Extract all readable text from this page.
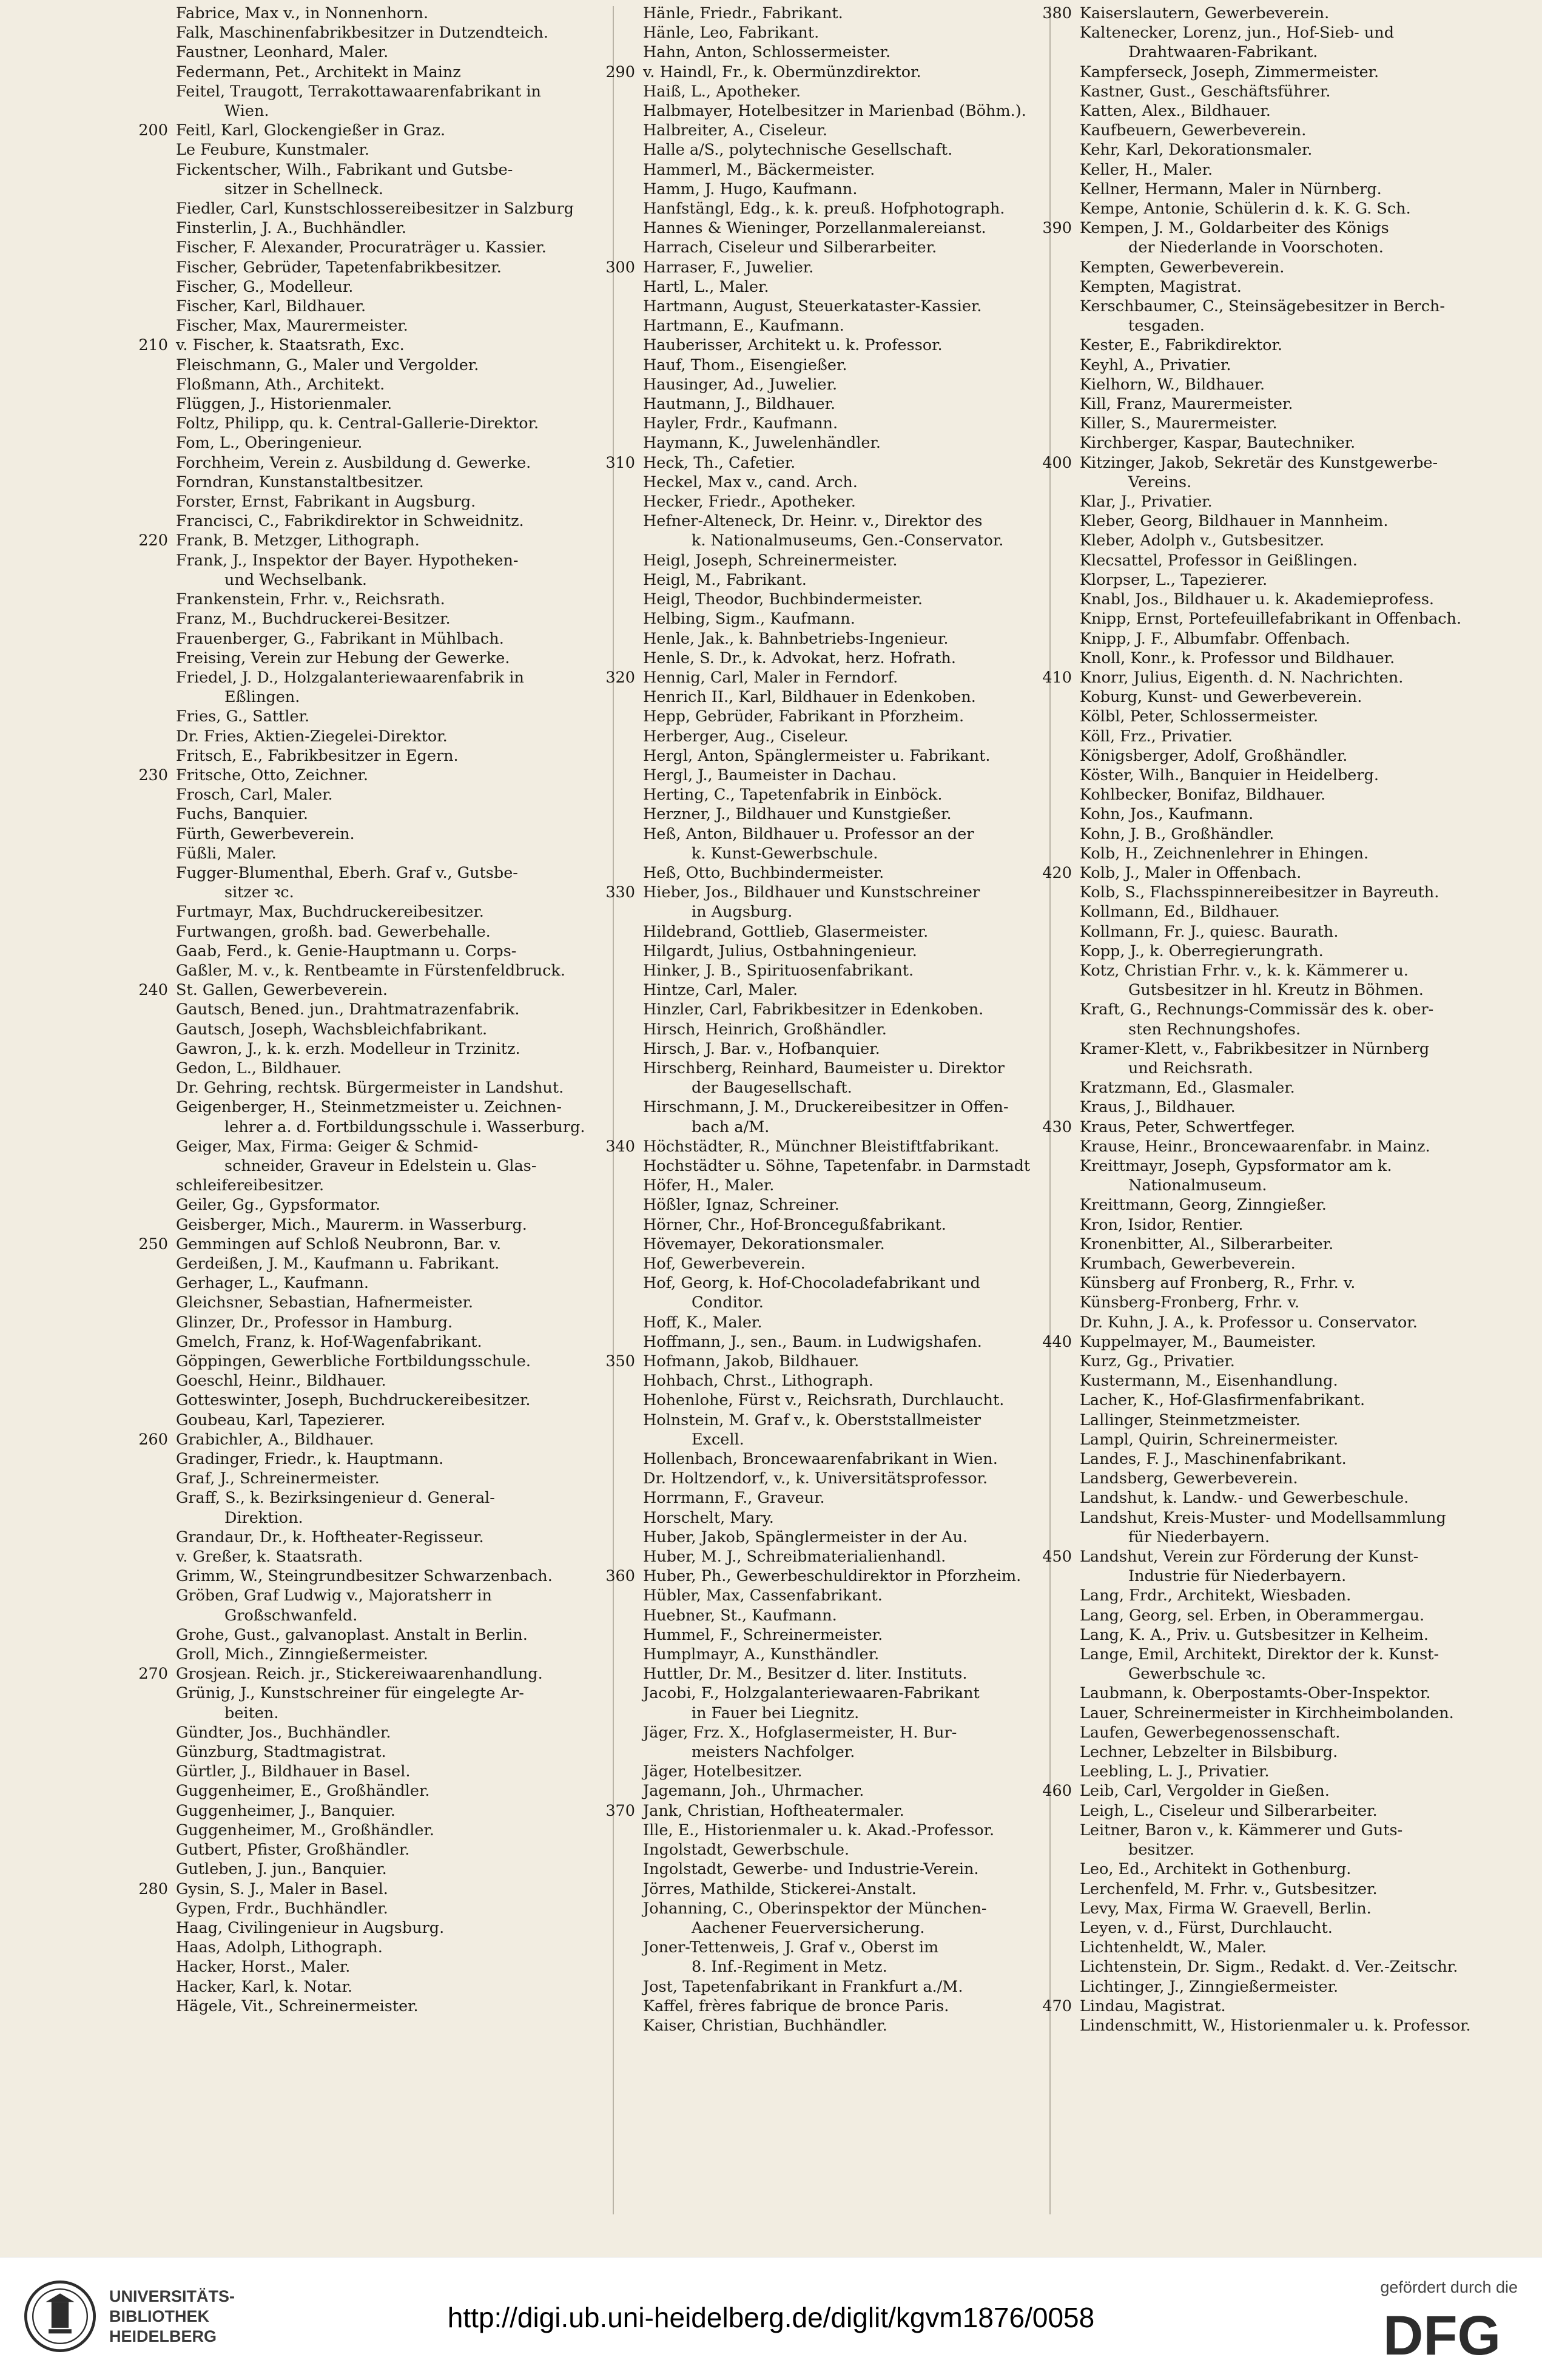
Fabrice, Max v., in Nonnenhorn.
Falk, Maschinenfabrikbesitzer in Dutzendteich.
Faustner, Leonhard, Maler.
Federmann, Pet., Architekt in Mainz
Feitel, Traugott, Terrakottawaarenfabrikant in
Wien.
200 Feitl, Karl, Glockengießer in Graz.
Le Feubure, Kunstmaler.
Fickentscher, Wilh., Fabrikant und Gutsbe-
sitzer in Schellneck.
Fiedler, Carl, Kunstschlossereibesitzer in Salzburg
Finsterlin, J. A., Buchhändler.
Fischer, F. Alexander, Procuraträger u. Kassier.
Fischer, Gebrüder, Tapetenfabrikbesitzer.
Fischer, G., Modelleur.
Fischer, Karl, Bildhauer.
Fischer, Max, Maurermeister.
210 v. Fischer, k. Staatsrath, Exc.
Fleischmann, G., Maler und Vergolder.
Floßmann, Ath., Architekt.
Flüggen, J., Historienmaler.
Foltz, Philipp, qu. k. Central-Gallerie-Direktor.
Fom, L., Oberingenieur.
Forchheim, Verein z. Ausbildung d. Gewerke.
Forndran, Kunstanstaltbesitzer.
Forster, Ernst, Fabrikant in Augsburg.
Francisci, C., Fabrikdirektor in Schweidnitz.
220 Frank, B. Metzger, Lithograph.
Frank, J., Inspektor der Bayer. Hypotheken-
und Wechselbank.
Frankenstein, Frhr. v., Reichsrath.
Franz, M., Buchdruckerei-Besitzer.
Frauenberger, G., Fabrikant in Mühlbach.
Freising, Verein zur Hebung der Gewerke.
Friedel, J. D., Holzgalanteriewaarenfabrik in
Eßlingen.
Fries, G., Sattler.
Dr. Fries, Aktien-Ziegelei-Direktor.
Fritsch, E., Fabrikbesitzer in Egern.
230 Fritsche, Otto, Zeichner.
Frosch, Carl, Maler.
Fuchs, Banquier.
Fürth, Gewerbeverein.
Füßli, Maler.
Fugger-Blumenthal, Eberh. Graf v., Gutsbe-
sitzer ꝛc.
Furtmayr, Max, Buchdruckereibesitzer.
Furtwangen, großh. bad. Gewerbehalle.
Gaab, Ferd., k. Genie-Hauptmann u. Corps-
Gaßler, M. v., k. Rentbeamte in Fürstenfeldbruck.
240 St. Gallen, Gewerbeverein.
Gautsch, Bened. jun., Drahtmatrazenfabrik.
Gautsch, Joseph, Wachsbleichfabrikant.
Gawron, J., k. k. erzh. Modelleur in Trzinitz.
Gedon, L., Bildhauer.
Dr. Gehring, rechtsk. Bürgermeister in Landshut.
Geigenberger, H., Steinmetzmeister u. Zeichnen-
lehrer a. d. Fortbildungsschule i. Wasserburg.
Geiger, Max, Firma: Geiger & Schmid-
schneider, Graveur in Edelstein u. Glas-
schleifereibesitzer.
Geiler, Gg., Gypsformator.
Geisberger, Mich., Maurerm. in Wasserburg.
250 Gemmingen auf Schloß Neubronn, Bar. v.
Gerdeißen, J. M., Kaufmann u. Fabrikant.
Gerhager, L., Kaufmann.
Gleichsner, Sebastian, Hafnermeister.
Glinzer, Dr., Professor in Hamburg.
Gmelch, Franz, k. Hof-Wagenfabrikant.
Göppingen, Gewerbliche Fortbildungsschule.
Goeschl, Heinr., Bildhauer.
Gotteswinter, Joseph, Buchdruckereibesitzer.
Goubeau, Karl, Tapezierer.
260 Grabichler, A., Bildhauer.
Gradinger, Friedr., k. Hauptmann.
Graf, J., Schreinermeister.
Graff, S., k. Bezirksingenieur d. General-
Direktion.
Grandaur, Dr., k. Hoftheater-Regisseur.
v. Greßer, k. Staatsrath.
Grimm, W., Steingrundbesitzer Schwarzenbach.
Gröben, Graf Ludwig v., Majoratsherr in
Großschwanfeld.
Grohe, Gust., galvanoplast. Anstalt in Berlin.
Groll, Mich., Zinngießermeister.
270 Grosjean. Reich. jr., Stickereiwaarenhandlung.
Grünig, J., Kunstschreiner für eingelegte Ar-
beiten.
Gündter, Jos., Buchhändler.
Günzburg, Stadtmagistrat.
Gürtler, J., Bildhauer in Basel.
Guggenheimer, E., Großhändler.
Guggenheimer, J., Banquier.
Guggenheimer, M., Großhändler.
Gutbert, Pfister, Großhändler.
Gutleben, J. jun., Banquier.
280 Gysin, S. J., Maler in Basel.
Gypen, Frdr., Buchhändler.
Haag, Civilingenieur in Augsburg.
Haas, Adolph, Lithograph.
Hacker, Horst., Maler.
Hacker, Karl, k. Notar.
Hägele, Vit., Schreinermeister.
Hänle, Friedr., Fabrikant.
Hänle, Leo, Fabrikant.
Hahn, Anton, Schlossermeister.
290 v. Haindl, Fr., k. Obermünzdirektor.
Haiß, L., Apotheker.
Halbmayer, Hotelbesitzer in Marienbad (Böhm.).
Halbreiter, A., Ciseleur.
Halle a/S., polytechnische Gesellschaft.
Hammerl, M., Bäckermeister.
Hamm, J. Hugo, Kaufmann.
Hanfstängl, Edg., k. k. preuß. Hofphotograph.
Hannes & Wieninger, Porzellanmalereianst.
Harrach, Ciseleur und Silberarbeiter.
300 Harraser, F., Juwelier.
Hartl, L., Maler.
Hartmann, August, Steuerkataster-Kassier.
Hartmann, E., Kaufmann.
Hauberisser, Architekt u. k. Professor.
Hauf, Thom., Eisengießer.
Hausinger, Ad., Juwelier.
Hautmann, J., Bildhauer.
Hayler, Frdr., Kaufmann.
Haymann, K., Juwelenhändler.
310 Heck, Th., Cafetier.
Heckel, Max v., cand. Arch.
Hecker, Friedr., Apotheker.
Hefner-Alteneck, Dr. Heinr. v., Direktor des
k. Nationalmuseums, Gen.-Conservator.
Heigl, Joseph, Schreinermeister.
Heigl, M., Fabrikant.
Heigl, Theodor, Buchbindermeister.
Helbing, Sigm., Kaufmann.
Henle, Jak., k. Bahnbetriebs-Ingenieur.
Henle, S. Dr., k. Advokat, herz. Hofrath.
320 Hennig, Carl, Maler in Ferndorf.
Henrich II., Karl, Bildhauer in Edenkoben.
Hepp, Gebrüder, Fabrikant in Pforzheim.
Herberger, Aug., Ciseleur.
Hergl, Anton, Spänglermeister u. Fabrikant.
Hergl, J., Baumeister in Dachau.
Herting, C., Tapetenfabrik in Einböck.
Herzner, J., Bildhauer und Kunstgießer.
Heß, Anton, Bildhauer u. Professor an der
k. Kunst-Gewerbschule.
Heß, Otto, Buchbindermeister.
330 Hieber, Jos., Bildhauer und Kunstschreiner
in Augsburg.
Hildebrand, Gottlieb, Glasermeister.
Hilgardt, Julius, Ostbahningenieur.
Hinker, J. B., Spirituosenfabrikant.
Hintze, Carl, Maler.
Hinzler, Carl, Fabrikbesitzer in Edenkoben.
Hirsch, Heinrich, Großhändler.
Hirsch, J. Bar. v., Hofbanquier.
Hirschberg, Reinhard, Baumeister u. Direktor
der Baugesellschaft.
Hirschmann, J. M., Druckereibesitzer in Offen-
bach a/M.
340 Höchstädter, R., Münchner Bleistiftfabrikant.
Hochstädter u. Söhne, Tapetenfabr. in Darmstadt
Höfer, H., Maler.
Hößler, Ignaz, Schreiner.
Hörner, Chr., Hof-Broncegußfabrikant.
Hövemayer, Dekorationsmaler.
Hof, Gewerbeverein.
Hof, Georg, k. Hof-Chocoladefabrikant und
Conditor.
Hoff, K., Maler.
Hoffmann, J., sen., Baum. in Ludwigshafen.
350 Hofmann, Jakob, Bildhauer.
Hohbach, Chrst., Lithograph.
Hohenlohe, Fürst v., Reichsrath, Durchlaucht.
Holnstein, M. Graf v., k. Oberststallmeister
Excell.
Hollenbach, Broncewaarenfabrikant in Wien.
Dr. Holtzendorf, v., k. Universitätsprofessor.
Horrmann, F., Graveur.
Horschelt, Mary.
Huber, Jakob, Spänglermeister in der Au.
Huber, M. J., Schreibmaterialienhandl.
360 Huber, Ph., Gewerbeschuldirektor in Pforzheim.
Hübler, Max, Cassenfabrikant.
Huebner, St., Kaufmann.
Hummel, F., Schreinermeister.
Humplmayr, A., Kunsthändler.
Huttler, Dr. M., Besitzer d. liter. Instituts.
Jacobi, F., Holzgalanteriewaaren-Fabrikant
in Fauer bei Liegnitz.
Jäger, Frz. X., Hofglasermeister, H. Bur-
meisters Nachfolger.
Jäger, Hotelbesitzer.
Jagemann, Joh., Uhrmacher.
370 Jank, Christian, Hoftheatermaler.
Ille, E., Historienmaler u. k. Akad.-Professor.
Ingolstadt, Gewerbschule.
Ingolstadt, Gewerbe- und Industrie-Verein.
Jörres, Mathilde, Stickerei-Anstalt.
Johanning, C., Oberinspektor der München-
Aachener Feuerversicherung.
Joner-Tettenweis, J. Graf v., Oberst im
8. Inf.-Regiment in Metz.
Jost, Tapetenfabrikant in Frankfurt a./M.
Kaffel, frères fabrique de bronce Paris.
Kaiser, Christian, Buchhändler.
380 Kaiserslautern, Gewerbeverein.
Kaltenecker, Lorenz, jun., Hof-Sieb- und
Drahtwaaren-Fabrikant.
Kampferseck, Joseph, Zimmermeister.
Kastner, Gust., Geschäftsführer.
Katten, Alex., Bildhauer.
Kaufbeuern, Gewerbeverein.
Kehr, Karl, Dekorationsmaler.
Keller, H., Maler.
Kellner, Hermann, Maler in Nürnberg.
Kempe, Antonie, Schülerin d. k. K. G. Sch.
390 Kempen, J. M., Goldarbeiter des Königs
der Niederlande in Voorschoten.
Kempten, Gewerbeverein.
Kempten, Magistrat.
Kerschbaumer, C., Steinsägebesitzer in Berch-
tesgaden.
Kester, E., Fabrikdirektor.
Keyhl, A., Privatier.
Kielhorn, W., Bildhauer.
Kill, Franz, Maurermeister.
Killer, S., Maurermeister.
Kirchberger, Kaspar, Bautechniker.
400 Kitzinger, Jakob, Sekretär des Kunstgewerbe-
Vereins.
Klar, J., Privatier.
Kleber, Georg, Bildhauer in Mannheim.
Kleber, Adolph v., Gutsbesitzer.
Klecsattel, Professor in Geißlingen.
Klorpser, L., Tapezierer.
Knabl, Jos., Bildhauer u. k. Akademieprofess.
Knipp, Ernst, Portefeuillefabrikant in Offenbach.
Knipp, J. F., Albumfabr. Offenbach.
Knoll, Konr., k. Professor und Bildhauer.
410 Knorr, Julius, Eigenth. d. N. Nachrichten.
Koburg, Kunst- und Gewerbeverein.
Kölbl, Peter, Schlossermeister.
Köll, Frz., Privatier.
Königsberger, Adolf, Großhändler.
Köster, Wilh., Banquier in Heidelberg.
Kohlbecker, Bonifaz, Bildhauer.
Kohn, Jos., Kaufmann.
Kohn, J. B., Großhändler.
Kolb, H., Zeichnenlehrer in Ehingen.
420 Kolb, J., Maler in Offenbach.
Kolb, S., Flachsspinnereibesitzer in Bayreuth.
Kollmann, Ed., Bildhauer.
Kollmann, Fr. J., quiesc. Baurath.
Kopp, J., k. Oberregierungrath.
Kotz, Christian Frhr. v., k. k. Kämmerer u.
Gutsbesitzer in hl. Kreutz in Böhmen.
Kraft, G., Rechnungs-Commissär des k. ober-
sten Rechnungshofes.
Kramer-Klett, v., Fabrikbesitzer in Nürnberg
und Reichsrath.
Kratzmann, Ed., Glasmaler.
Kraus, J., Bildhauer.
430 Kraus, Peter, Schwertfeger.
Krause, Heinr., Broncewaarenfabr. in Mainz.
Kreittmayr, Joseph, Gypsformator am k.
Nationalmuseum.
Kreittmann, Georg, Zinngießer.
Kron, Isidor, Rentier.
Kronenbitter, Al., Silberarbeiter.
Krumbach, Gewerbeverein.
Künsberg auf Fronberg, R., Frhr. v.
Künsberg-Fronberg, Frhr. v.
Dr. Kuhn, J. A., k. Professor u. Conservator.
440 Kuppelmayer, M., Baumeister.
Kurz, Gg., Privatier.
Kustermann, M., Eisenhandlung.
Lacher, K., Hof-Glasfirmenfabrikant.
Lallinger, Steinmetzmeister.
Lampl, Quirin, Schreinermeister.
Landes, F. J., Maschinenfabrikant.
Landsberg, Gewerbeverein.
Landshut, k. Landw.- und Gewerbeschule.
Landshut, Kreis-Muster- und Modellsammlung
für Niederbayern.
450 Landshut, Verein zur Förderung der Kunst-
Industrie für Niederbayern.
Lang, Frdr., Architekt, Wiesbaden.
Lang, Georg, sel. Erben, in Oberammergau.
Lang, K. A., Priv. u. Gutsbesitzer in Kelheim.
Lange, Emil, Architekt, Direktor der k. Kunst-
Gewerbschule ꝛc.
Laubmann, k. Oberpostamts-Ober-Inspektor.
Lauer, Schreinermeister in Kirchheimbolanden.
Laufen, Gewerbegenossenschaft.
Lechner, Lebzelter in Bilsbiburg.
Leebling, L. J., Privatier.
460 Leib, Carl, Vergolder in Gießen.
Leigh, L., Ciseleur und Silberarbeiter.
Leitner, Baron v., k. Kämmerer und Guts-
besitzer.
Leo, Ed., Architekt in Gothenburg.
Lerchenfeld, M. Frhr. v., Gutsbesitzer.
Levy, Max, Firma W. Graevell, Berlin.
Leyen, v. d., Fürst, Durchlaucht.
Lichtenheldt, W., Maler.
Lichtenstein, Dr. Sigm., Redakt. d. Ver.-Zeitschr.
Lichtinger, J., Zinngießermeister.
470 Lindau, Magistrat.
Lindenschmitt, W., Historienmaler u. k. Professor.
UNIVERSITÄTS-
BIBLIOTHEK
HEIDELBERG
http://digi.ub.uni-heidelberg.de/diglit/kgvm1876/0058
gefördert durch die
DFG
